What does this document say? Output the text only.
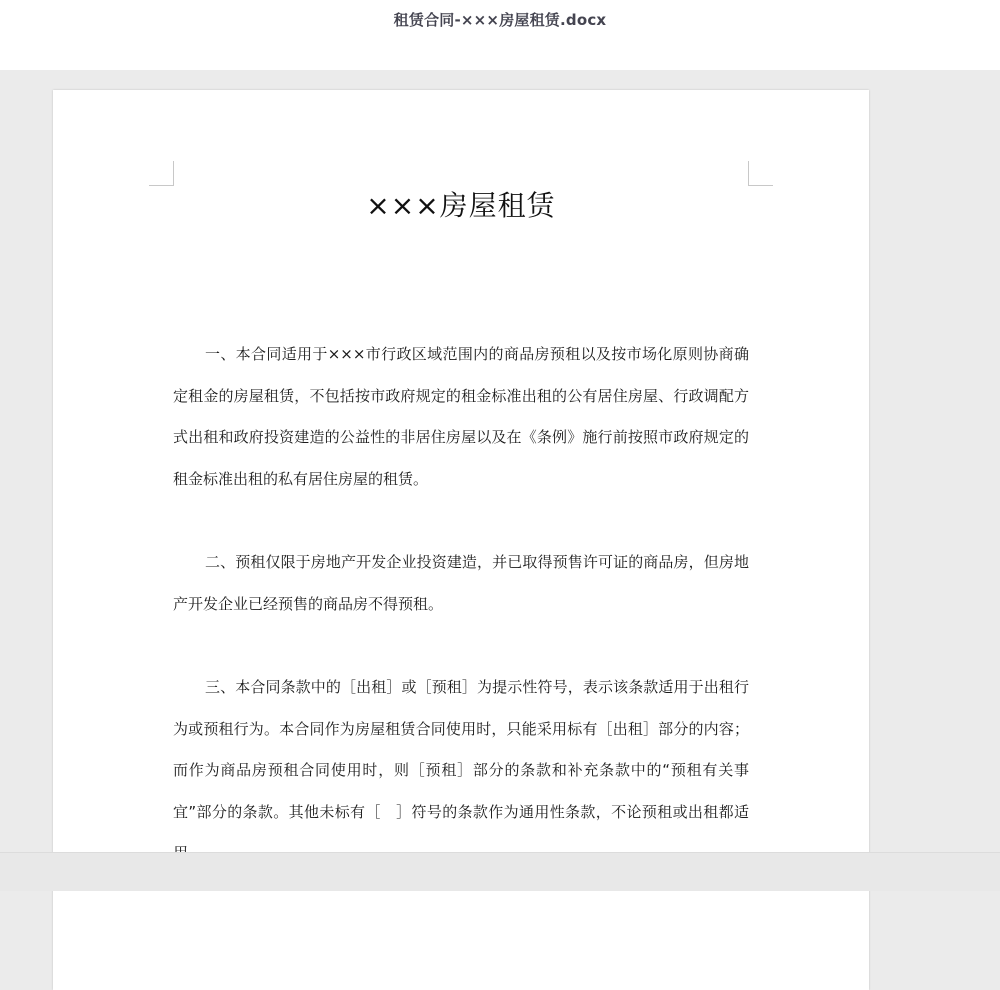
租赁合同-×××房屋租赁.docx
×××房屋租赁

一、本合同适用于×××市行政区域范围内的商品房预租以及按市场化原则协商确定租金的房屋租赁，不包括按市政府规定的租金标准出租的公有居住房屋、行政调配方式出租和政府投资建造的公益性的非居住房屋以及在《条例》施行前按照市政府规定的租金标准出租的私有居住房屋的租赁。

二、预租仅限于房地产开发企业投资建造，并已取得预售许可证的商品房，但房地产开发企业已经预售的商品房不得预租。

三、本合同条款中的［出租］或［预租］为提示性符号，表示该条款适用于出租行为或预租行为。本合同作为房屋租赁合同使用时，只能采用标有［出租］部分的内容；而作为商品房预租合同使用时，则［预租］部分的条款和补充条款中的“预租有关事宜”部分的条款。其他未标有［　］符号的条款作为通用性条款，不论预租或出租都适
